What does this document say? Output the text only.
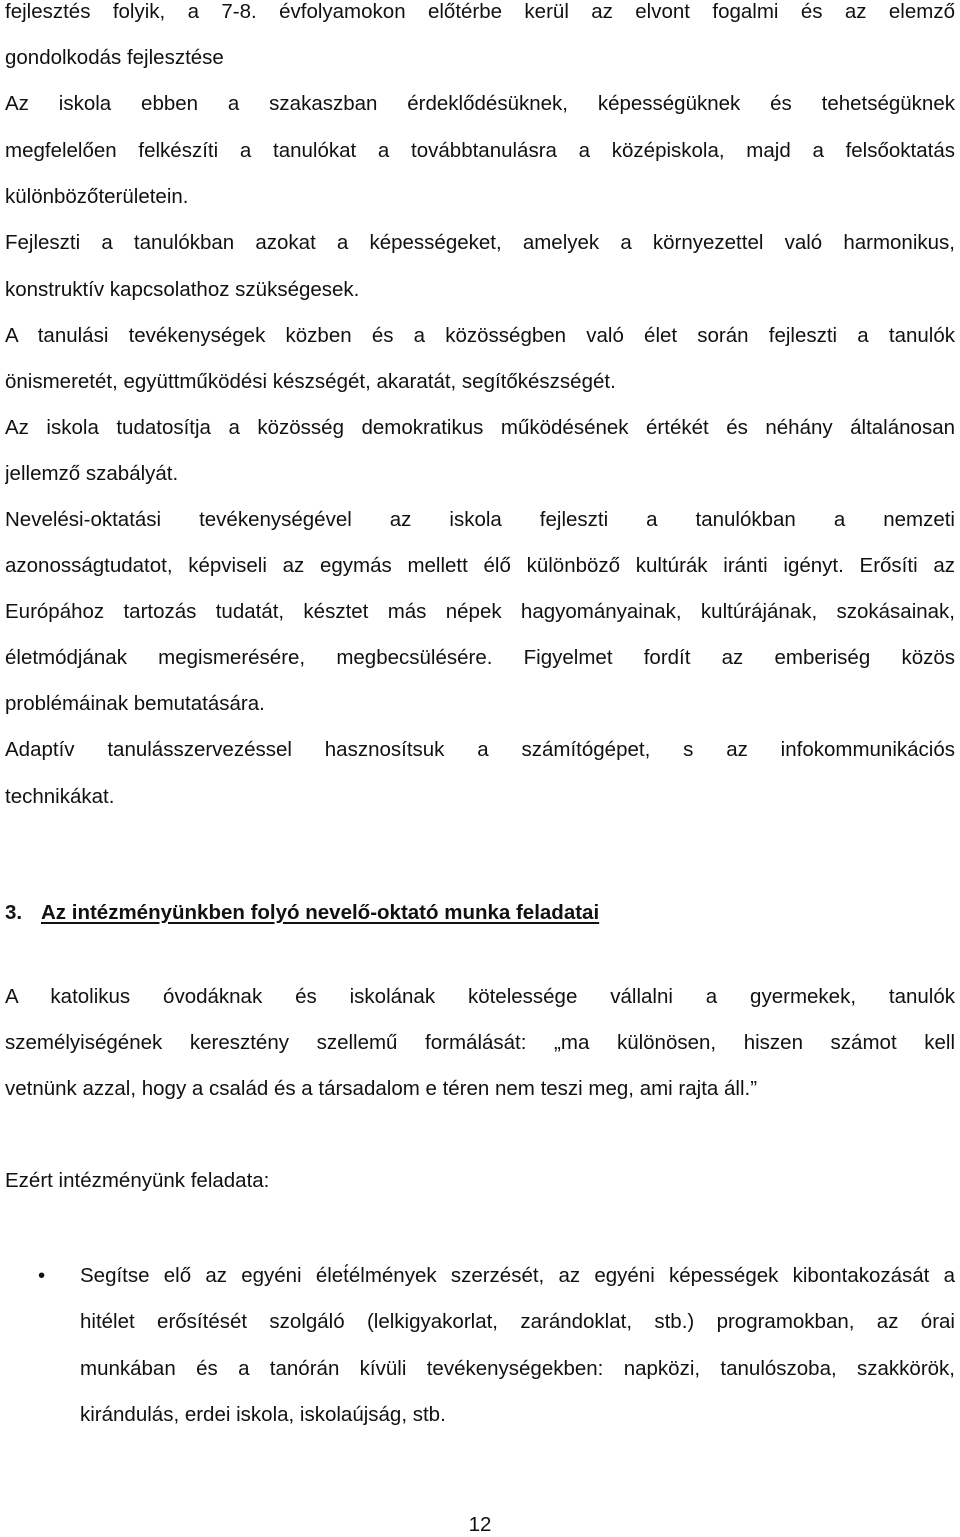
fejlesztés folyik, a 7-8. évfolyamokon előtérbe kerül az elvont fogalmi és az elemző
gondolkodás fejlesztése
Az iskola ebben a szakaszban érdeklődésüknek, képességüknek és tehetségüknek
megfelelően felkészíti a tanulókat a továbbtanulásra a középiskola, majd a felsőoktatás
különbözőterületein.
Fejleszti a tanulókban azokat a képességeket, amelyek a környezettel való harmonikus,
konstruktív kapcsolathoz szükségesek.
A tanulási tevékenységek közben és a közösségben való élet során fejleszti a tanulók
önismeretét, együttműködési készségét, akaratát, segítőkészségét.
Az iskola tudatosítja a közösség demokratikus működésének értékét és néhány általánosan
jellemző szabályát.
Nevelési-oktatási tevékenységével az iskola fejleszti a tanulókban a nemzeti
azonosságtudatot, képviseli az egymás mellett élő különböző kultúrák iránti igényt. Erősíti az
Európához tartozás tudatát, késztet más népek hagyományainak, kultúrájának, szokásainak,
életmódjának megismerésére, megbecsülésére. Figyelmet fordít az emberiség közös
problémáinak bemutatására.
Adaptív tanulásszervezéssel hasznosítsuk a számítógépet, s az infokommunikációs
technikákat.
3. Az intézményünkben folyó nevelő-oktató munka feladatai
A katolikus óvodáknak és iskolának kötelessége vállalni a gyermekek, tanulók
személyiségének keresztény szellemű formálását: „ma különösen, hiszen számot kell
vetnünk azzal, hogy a család és a társadalom e téren nem teszi meg, ami rajta áll.”
Ezért intézményünk feladata:
•	Segítse elő az egyéni élet́élmények szerzését, az egyéni képességek kibontakozását a
hitélet erősítését szolgáló (lelkigyakorlat, zarándoklat, stb.) programokban, az órai
munkában és a tanórán kívüli tevékenységekben: napközi, tanulószoba, szakkörök,
kirándulás, erdei iskola, iskolaújság, stb.
12
